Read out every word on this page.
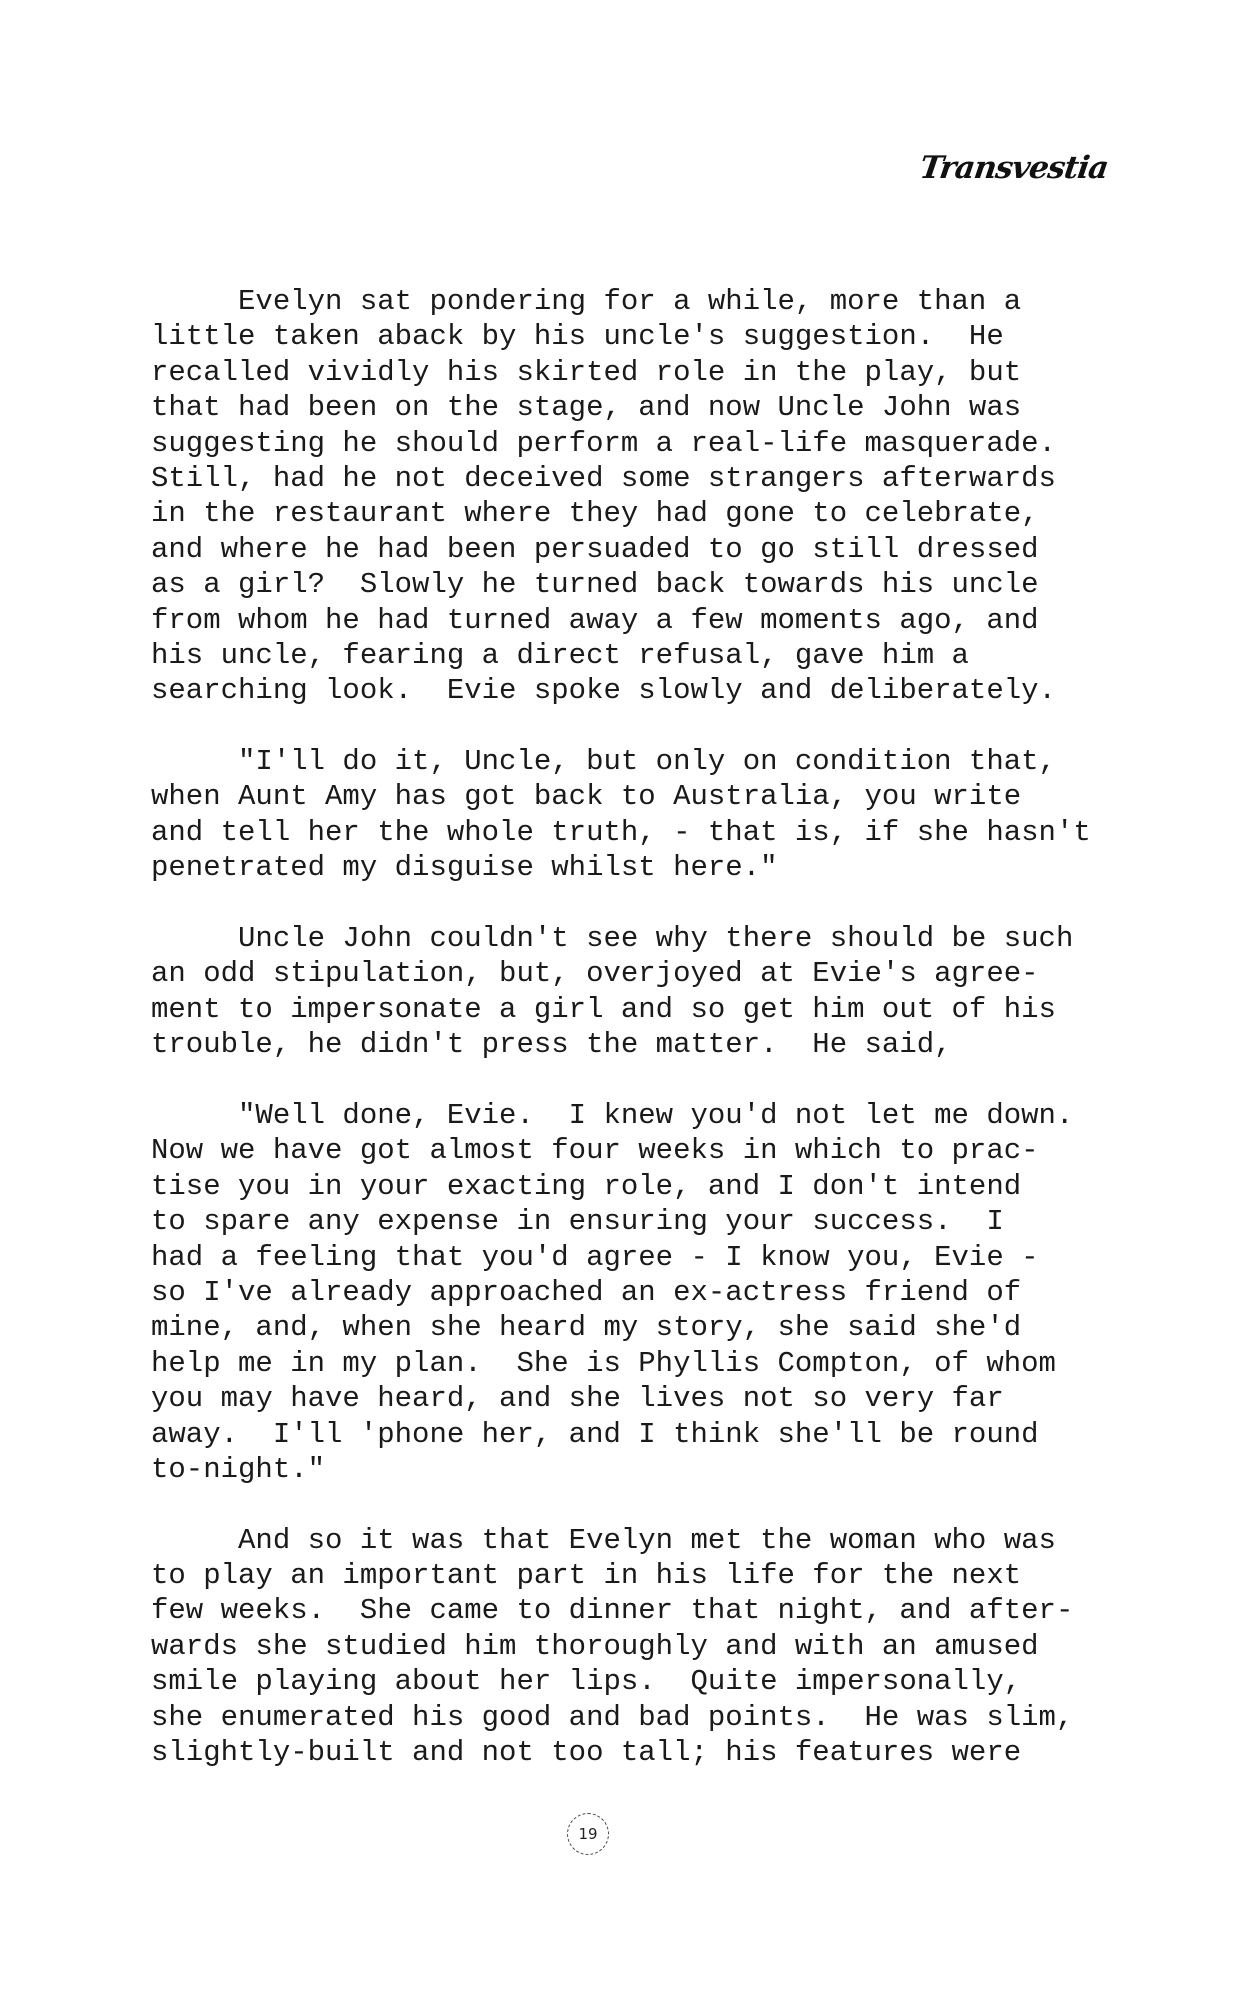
Transvestia
Evelyn sat pondering for a while, more than a
little taken aback by his uncle's suggestion.  He
recalled vividly his skirted role in the play, but
that had been on the stage, and now Uncle John was
suggesting he should perform a real-life masquerade.
Still, had he not deceived some strangers afterwards
in the restaurant where they had gone to celebrate,
and where he had been persuaded to go still dressed
as a girl?  Slowly he turned back towards his uncle
from whom he had turned away a few moments ago, and
his uncle, fearing a direct refusal, gave him a
searching look.  Evie spoke slowly and deliberately.
"I'll do it, Uncle, but only on condition that,
when Aunt Amy has got back to Australia, you write
and tell her the whole truth, - that is, if she hasn't
penetrated my disguise whilst here."
Uncle John couldn't see why there should be such
an odd stipulation, but, overjoyed at Evie's agree-
ment to impersonate a girl and so get him out of his
trouble, he didn't press the matter.  He said,
"Well done, Evie.  I knew you'd not let me down.
Now we have got almost four weeks in which to prac-
tise you in your exacting role, and I don't intend
to spare any expense in ensuring your success.  I
had a feeling that you'd agree - I know you, Evie -
so I've already approached an ex-actress friend of
mine, and, when she heard my story, she said she'd
help me in my plan.  She is Phyllis Compton, of whom
you may have heard, and she lives not so very far
away.  I'll 'phone her, and I think she'll be round
to-night."
And so it was that Evelyn met the woman who was
to play an important part in his life for the next
few weeks.  She came to dinner that night, and after-
wards she studied him thoroughly and with an amused
smile playing about her lips.  Quite impersonally,
she enumerated his good and bad points.  He was slim,
slightly-built and not too tall; his features were
19
